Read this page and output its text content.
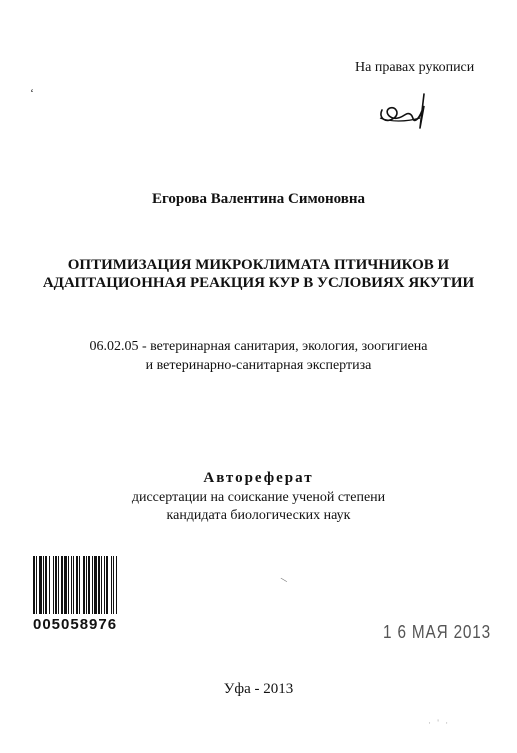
На правах рукописи
‘
Егорова Валентина Симоновна
ОПТИМИЗАЦИЯ МИКРОКЛИМАТА ПТИЧНИКОВ И
АДАПТАЦИОННАЯ РЕАКЦИЯ КУР В УСЛОВИЯХ ЯКУТИИ
06.02.05 - ветеринарная санитария, экология, зоогигиена
и ветеринарно-санитарная экспертиза
Автореферат
диссертации на соискание ученой степени
кандидата биологических наук
005058976	1 6 МАЯ 2013
\
· ' ·
Уфа - 2013
